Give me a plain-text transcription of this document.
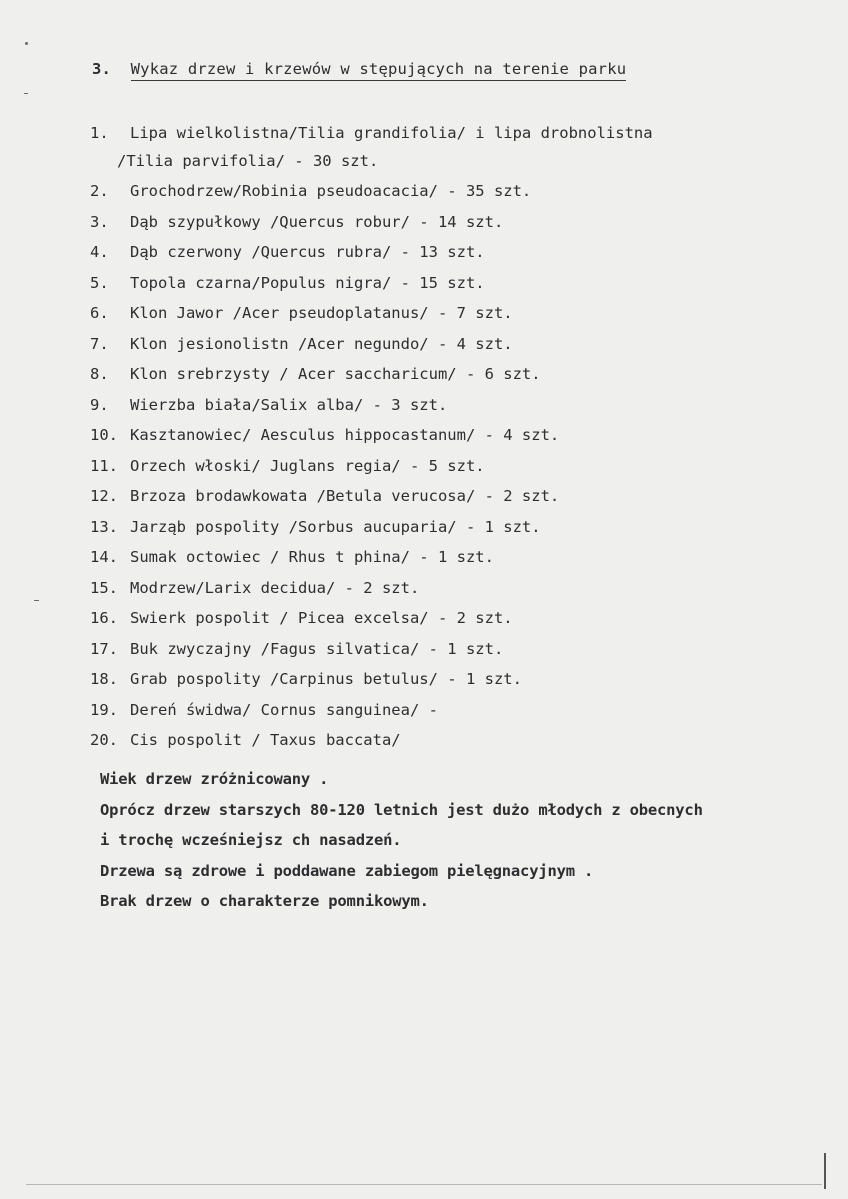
3. Wykaz drzew i krzewów w stępujących na terenie parku
1. Lipa wielkolistna/Tilia grandifolia/ i lipa drobnolistna
/Tilia parvifolia/ - 30 szt.
2. Grochodrzew/Robinia pseudoacacia/ - 35 szt.
3. Dąb szypułkowy /Quercus robur/ - 14 szt.
4. Dąb czerwony /Quercus rubra/ - 13 szt.
5. Topola czarna/Populus nigra/ - 15 szt.
6. Klon Jawor /Acer pseudoplatanus/ - 7 szt.
7. Klon jesionolistn /Acer negundo/ - 4 szt.
8. Klon srebrzysty / Acer saccharicum/ - 6 szt.
9. Wierzba biała/Salix alba/ - 3 szt.
10. Kasztanowiec/ Aesculus hippocastanum/ - 4 szt.
11. Orzech włoski/ Juglans regia/ - 5 szt.
12. Brzoza brodawkowata /Betula verucosa/ - 2 szt.
13. Jarząb pospolity /Sorbus aucuparia/ - 1 szt.
14. Sumak octowiec / Rhus t phina/ - 1 szt.
15. Modrzew/Larix decidua/ - 2 szt.
16. Swierk pospolit / Picea excelsa/ - 2 szt.
17. Buk zwyczajny /Fagus silvatica/ - 1 szt.
18. Grab pospolity /Carpinus betulus/ - 1 szt.
19. Dereń świdwa/ Cornus sanguinea/ -
20. Cis pospolit / Taxus baccata/

Wiek drzew zróżnicowany .

Oprócz drzew starszych 80-120 letnich jest dużo młodych z obecnych

i trochę wcześniejsz ch nasadzeń.

Drzewa są zdrowe i poddawane zabiegom pielęgnacyjnym .

Brak drzew o charakterze pomnikowym.
